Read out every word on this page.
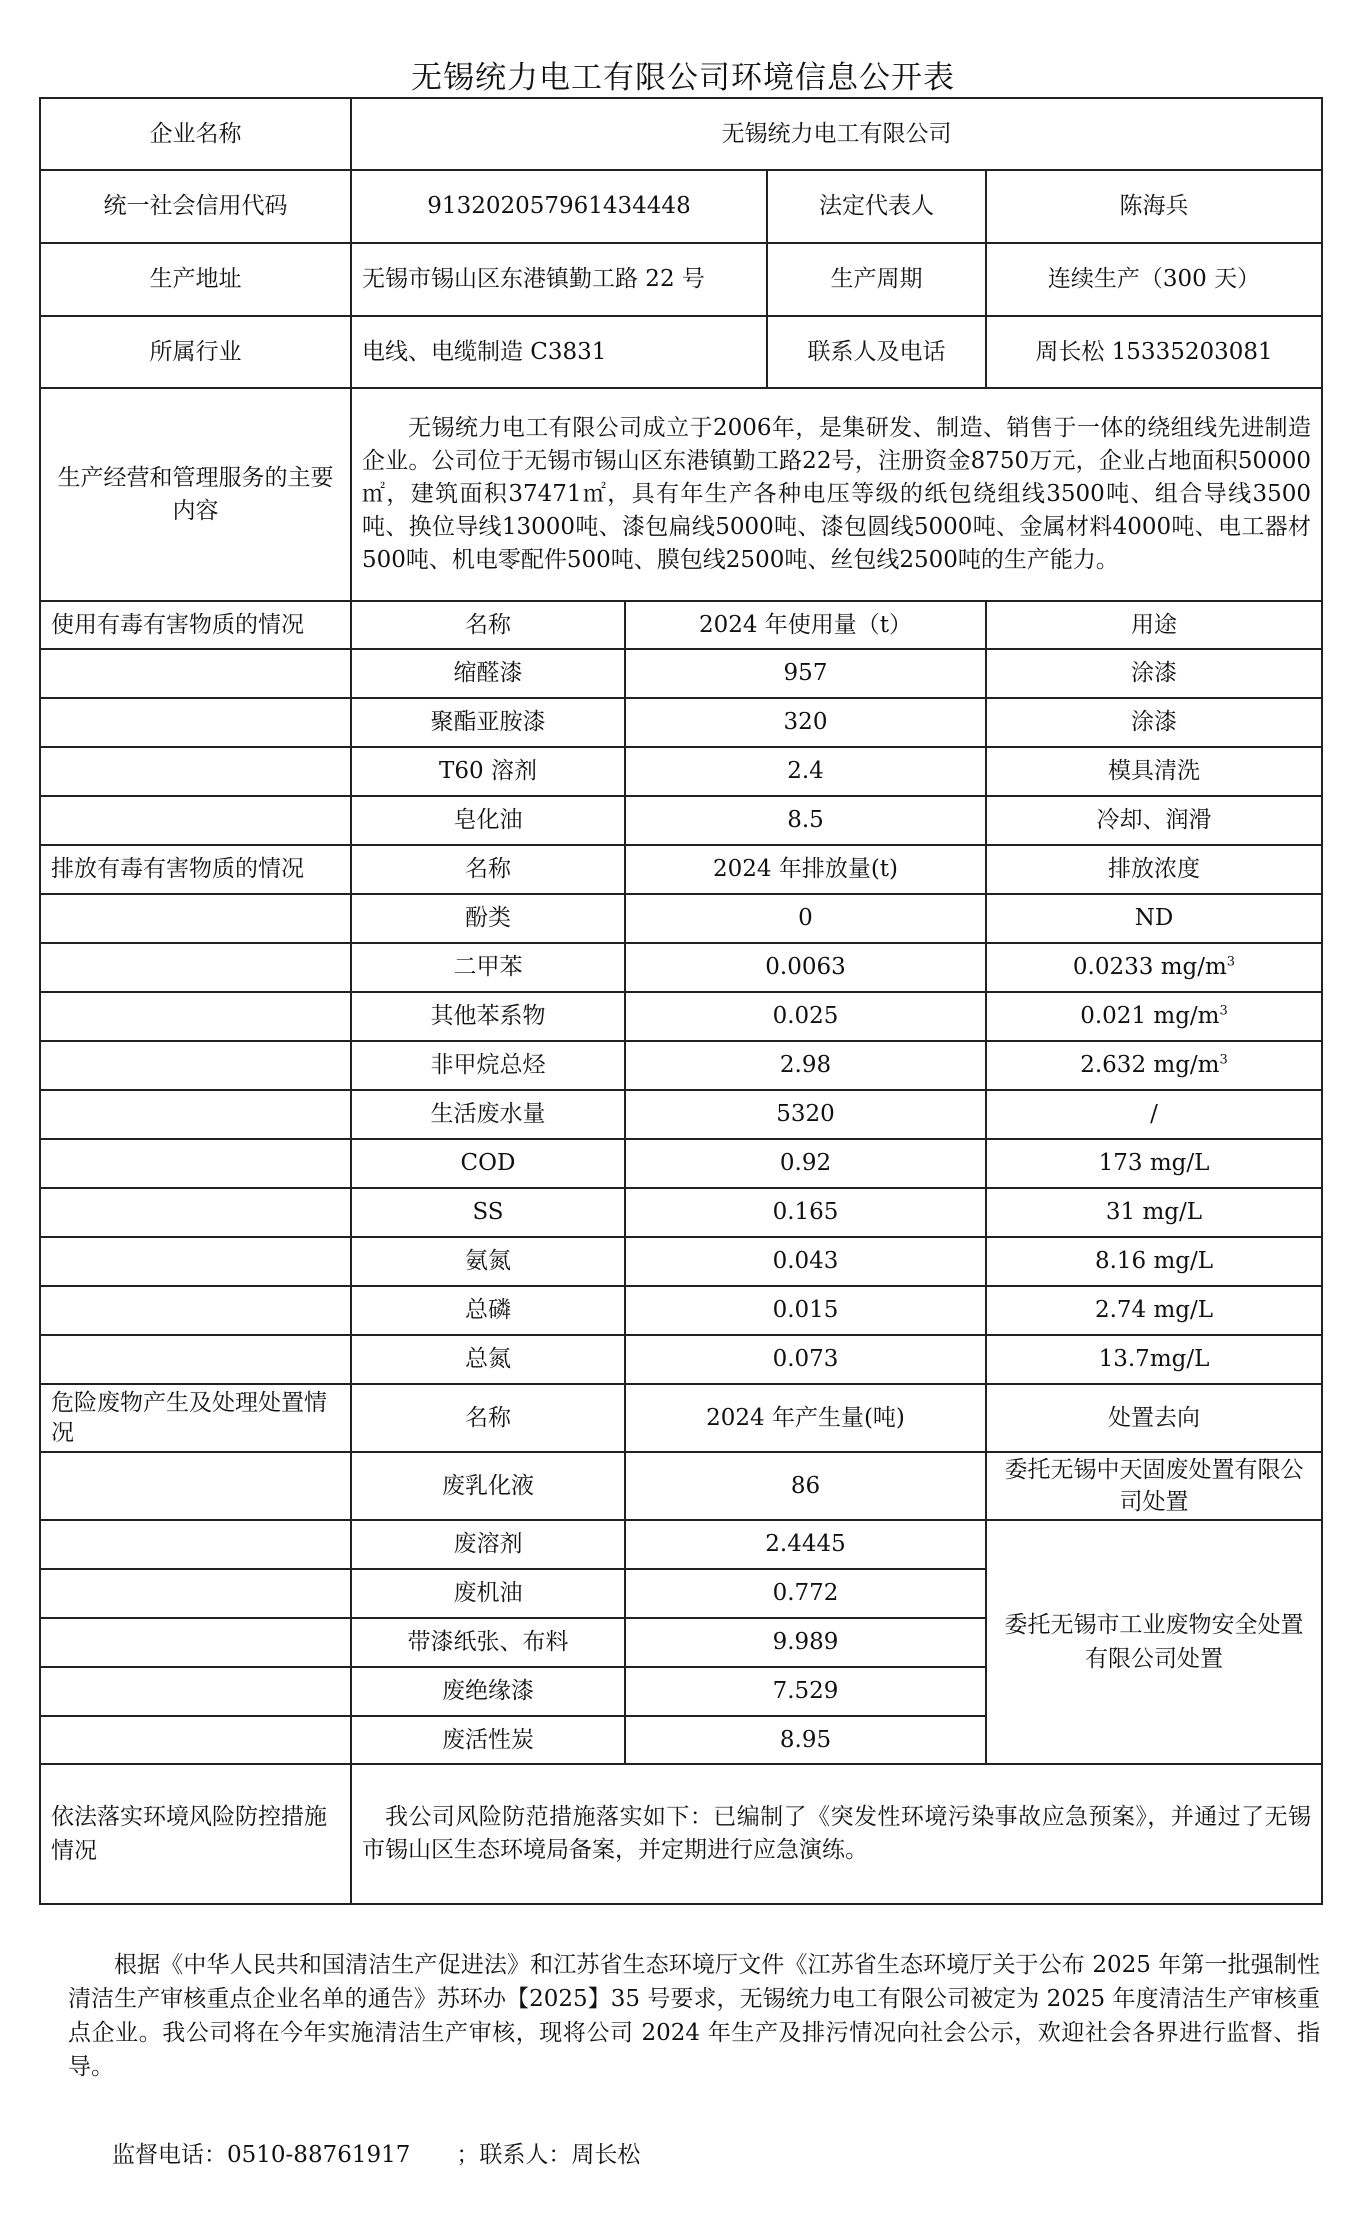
无锡统力电工有限公司环境信息公开表
企业名称	无锡统力电工有限公司			
统一社会信用代码	913202057961434448		法定代表人	陈海兵
生产地址	无锡市锡山区东港镇勤工路 22 号		生产周期	连续生产（300 天）
所属行业	电线、电缆制造 C3831		联系人及电话	周长松 15335203081
生产经营和管理服务的主要内容	无锡统力电工有限公司成立于2006年，是集研发、制造、销售于一体的绕组线先进制造企业。公司位于无锡市锡山区东港镇勤工路22号，注册资金8750万元，企业占地面积50000㎡，建筑面积37471㎡，具有年生产各种电压等级的纸包绕组线3500吨、组合导线3500吨、换位导线13000吨、漆包扁线5000吨、漆包圆线5000吨、金属材料4000吨、电工器材500吨、机电零配件500吨、膜包线2500吨、丝包线2500吨的生产能力。			
使用有毒有害物质的情况	名称	2024 年使用量（t）		用途
	缩醛漆	957		涂漆
	聚酯亚胺漆	320		涂漆
	T60 溶剂	2.4		模具清洗
	皂化油	8.5		冷却、润滑
排放有毒有害物质的情况	名称	2024 年排放量(t)		排放浓度
	酚类	0		ND
	二甲苯	0.0063		0.0233 $mg/m^3$
	其他苯系物	0.025		0.021 $mg/m^3$
	非甲烷总烃	2.98		2.632 $mg/m^3$
	生活废水量	5320		/
	COD	0.92		173 mg/L
	SS	0.165		31 mg/L
	氨氮	0.043		8.16 mg/L
	总磷	0.015		2.74 mg/L
	总氮	0.073		13.7mg/L
危险废物产生及处理处置情况	名称	2024 年产生量(吨)		处置去向
	废乳化液	86		委托无锡中天固废处置有限公司处置
	废溶剂	2.4445		委托无锡市工业废物安全处置有限公司处置
	废机油	0.772		
	带漆纸张、布料	9.989		
	废绝缘漆	7.529		
	废活性炭	8.95		
依法落实环境风险防控措施情况	我公司风险防范措施落实如下：已编制了《突发性环境污染事故应急预案》，并通过了无锡市锡山区生态环境局备案，并定期进行应急演练。			
根据《中华人民共和国清洁生产促进法》和江苏省生态环境厅文件《江苏省生态环境厅关于公布 2025 年第一批强制性清洁生产审核重点企业名单的通告》苏环办【2025】35 号要求，无锡统力电工有限公司被定为 2025 年度清洁生产审核重点企业。我公司将在今年实施清洁生产审核，现将公司 2024 年生产及排污情况向社会公示，欢迎社会各界进行监督、指导。
监督电话：0510-88761917　　；联系人：周长松
